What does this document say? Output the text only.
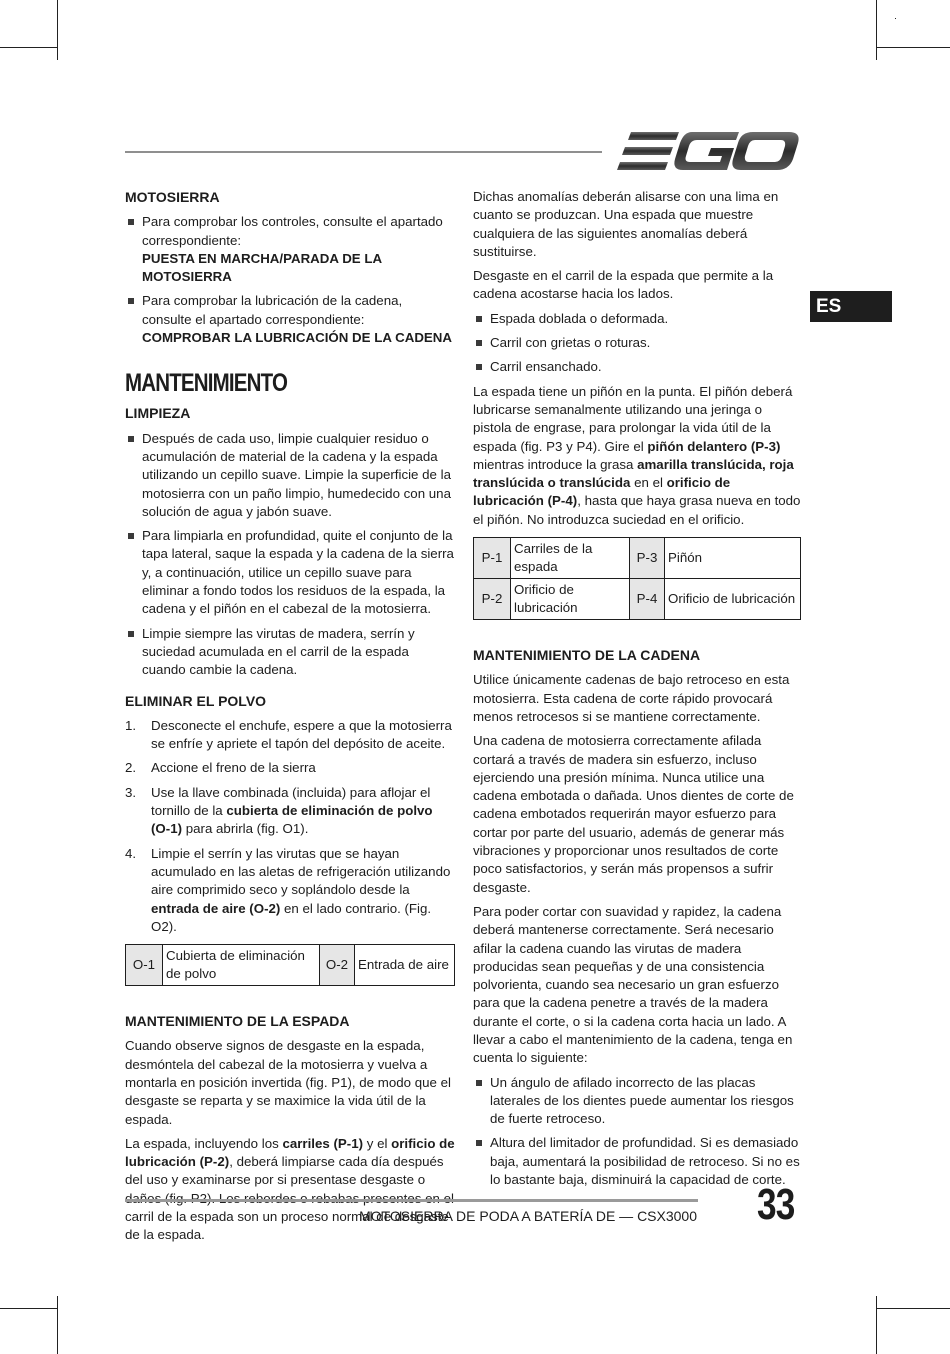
ES
MOTOSIERRA
Para comprobar los controles, consulte el apartado correspondiente:
PUESTA EN MARCHA/PARADA DE LA MOTOSIERRA
Para comprobar la lubricación de la cadena, consulte el apartado correspondiente:
COMPROBAR LA LUBRICACIÓN DE LA CADENA
MANTENIMIENTO
LIMPIEZA
Después de cada uso, limpie cualquier residuo o acumulación de material de la cadena y la espada utilizando un cepillo suave. Limpie la superficie de la motosierra con un paño limpio, humedecido con una solución de agua y jabón suave.
Para limpiarla en profundidad, quite el conjunto de la tapa lateral, saque la espada y la cadena de la sierra y, a continuación, utilice un cepillo suave para eliminar a fondo todos los residuos de la espada, la cadena y el piñón en el cabezal de la motosierra.
Limpie siempre las virutas de madera, serrín y suciedad acumulada en el carril de la espada cuando cambie la cadena.
ELIMINAR EL POLVO
1. Desconecte el enchufe, espere a que la motosierra se enfríe y apriete el tapón del depósito de aceite.
2. Accione el freno de la sierra
3. Use la llave combinada (incluida) para aflojar el tornillo de la cubierta de eliminación de polvo (O-1) para abrirla (fig. O1).
4. Limpie el serrín y las virutas que se hayan acumulado en las aletas de refrigeración utilizando aire comprimido seco y soplándolo desde la entrada de aire (O-2) en el lado contrario. (Fig. O2).
O-1	Cubierta de eliminación de polvo	O-2	Entrada de aire
MANTENIMIENTO DE LA ESPADA

Cuando observe signos de desgaste en la espada, desmóntela del cabezal de la motosierra y vuelva a montarla en posición invertida (fig. P1), de modo que el desgaste se reparta y se maximice la vida útil de la espada.

La espada, incluyendo los carriles (P-1) y el orificio de lubricación (P-2), deberá limpiarse cada día después del uso y examinarse por si presentase desgaste o carril de la espada son un proceso normal de desgaste de la espada.

Dichas anomalías deberán alisarse con una lima en cuanto se produzcan. Una espada que muestre cualquiera de las siguientes anomalías deberá sustituirse.

Desgaste en el carril de la espada que permite a la cadena acostarse hacia los lados.

Espada doblada o deformada.
Carril con grietas o roturas.
Carril ensanchado.

La espada tiene un piñón en la punta. El piñón deberá lubricarse semanalmente utilizando una jeringa o pistola de engrase, para prolongar la vida útil de la espada (fig. P3 y P4). Gire el piñón delantero (P-3) mientras introduce la grasa amarilla translúcida, roja translúcida o translúcida en el orificio de lubricación (P-4), hasta que haya grasa nueva en todo el piñón. No introduzca suciedad en el orificio.

P-1	Carriles de la espada	P-3	Piñón
P-2	Orificio de lubricación	P-4	Orificio de lubricación
MANTENIMIENTO DE LA CADENA

Utilice únicamente cadenas de bajo retroceso en esta motosierra. Esta cadena de corte rápido provocará menos retrocesos si se mantiene correctamente.

Una cadena de motosierra correctamente afilada cortará a través de madera sin esfuerzo, incluso ejerciendo una presión mínima. Nunca utilice una cadena embotada o dañada. Unos dientes de corte de cadena embotados requerirán mayor esfuerzo para cortar por parte del usuario, además de generar más vibraciones y proporcionar unos resultados de corte poco satisfactorios, y serán más propensos a sufrir desgaste.

Para poder cortar con suavidad y rapidez, la cadena deberá mantenerse correctamente. Será necesario afilar la cadena cuando las virutas de madera producidas sean pequeñas y de una consistencia polvorienta, cuando sea necesario un gran esfuerzo para que la cadena penetre a través de la madera durante el corte, o si la cadena corta hacia un lado. A llevar a cabo el mantenimiento de la cadena, tenga en cuenta lo siguiente:

Un ángulo de afilado incorrecto de las placas laterales de los dientes puede aumentar los riesgos de fuerte retroceso.
Altura del limitador de profundidad. Si es demasiado baja, aumentará la posibilidad de retroceso. Si no es lo bastante baja, disminuirá la capacidad de corte.
MOTOSIERRA DE PODA A BATERÍA DE — CSX3000 33
